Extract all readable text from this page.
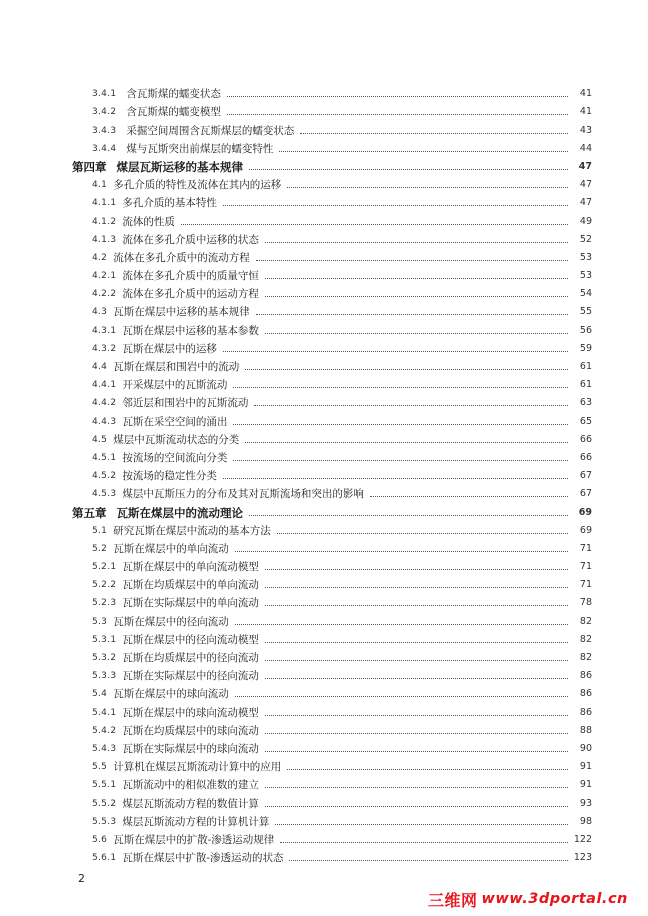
3.4.1 含瓦斯煤的蠕变状态	41
3.4.2 含瓦斯煤的蠕变模型	41
3.4.3 采掘空间周围含瓦斯煤层的蠕变状态	43
3.4.4 煤与瓦斯突出前煤层的蠕变特性	44
第四章 煤层瓦斯运移的基本规律	47
4.1 多孔介质的特性及流体在其内的运移	47
4.1.1 多孔介质的基本特性	47
4.1.2 流体的性质	49
4.1.3 流体在多孔介质中运移的状态	52
4.2 流体在多孔介质中的流动方程	53
4.2.1 流体在多孔介质中的质量守恒	53
4.2.2 流体在多孔介质中的运动方程	54
4.3 瓦斯在煤层中运移的基本规律	55
4.3.1 瓦斯在煤层中运移的基本参数	56
4.3.2 瓦斯在煤层中的运移	59
4.4 瓦斯在煤层和围岩中的流动	61
4.4.1 开采煤层中的瓦斯流动	61
4.4.2 邻近层和围岩中的瓦斯流动	63
4.4.3 瓦斯在采空空间的涌出	65
4.5 煤层中瓦斯流动状态的分类	66
4.5.1 按流场的空间流向分类	66
4.5.2 按流场的稳定性分类	67
4.5.3 煤层中瓦斯压力的分布及其对瓦斯流场和突出的影响	67
第五章 瓦斯在煤层中的流动理论	69
5.1 研究瓦斯在煤层中流动的基本方法	69
5.2 瓦斯在煤层中的单向流动	71
5.2.1 瓦斯在煤层中的单向流动模型	71
5.2.2 瓦斯在均质煤层中的单向流动	71
5.2.3 瓦斯在实际煤层中的单向流动	78
5.3 瓦斯在煤层中的径向流动	82
5.3.1 瓦斯在煤层中的径向流动模型	82
5.3.2 瓦斯在均质煤层中的径向流动	82
5.3.3 瓦斯在实际煤层中的径向流动	86
5.4 瓦斯在煤层中的球向流动	86
5.4.1 瓦斯在煤层中的球向流动模型	86
5.4.2 瓦斯在均质煤层中的球向流动	88
5.4.3 瓦斯在实际煤层中的球向流动	90
5.5 计算机在煤层瓦斯流动计算中的应用	91
5.5.1 瓦斯流动中的相似准数的建立	91
5.5.2 煤层瓦斯流动方程的数值计算	93
5.5.3 煤层瓦斯流动方程的计算机计算	98
5.6 瓦斯在煤层中的扩散-渗透运动规律	122
5.6.1 瓦斯在煤层中扩散-渗透运动的状态	123
2
三维网 www.3dportal.cn
